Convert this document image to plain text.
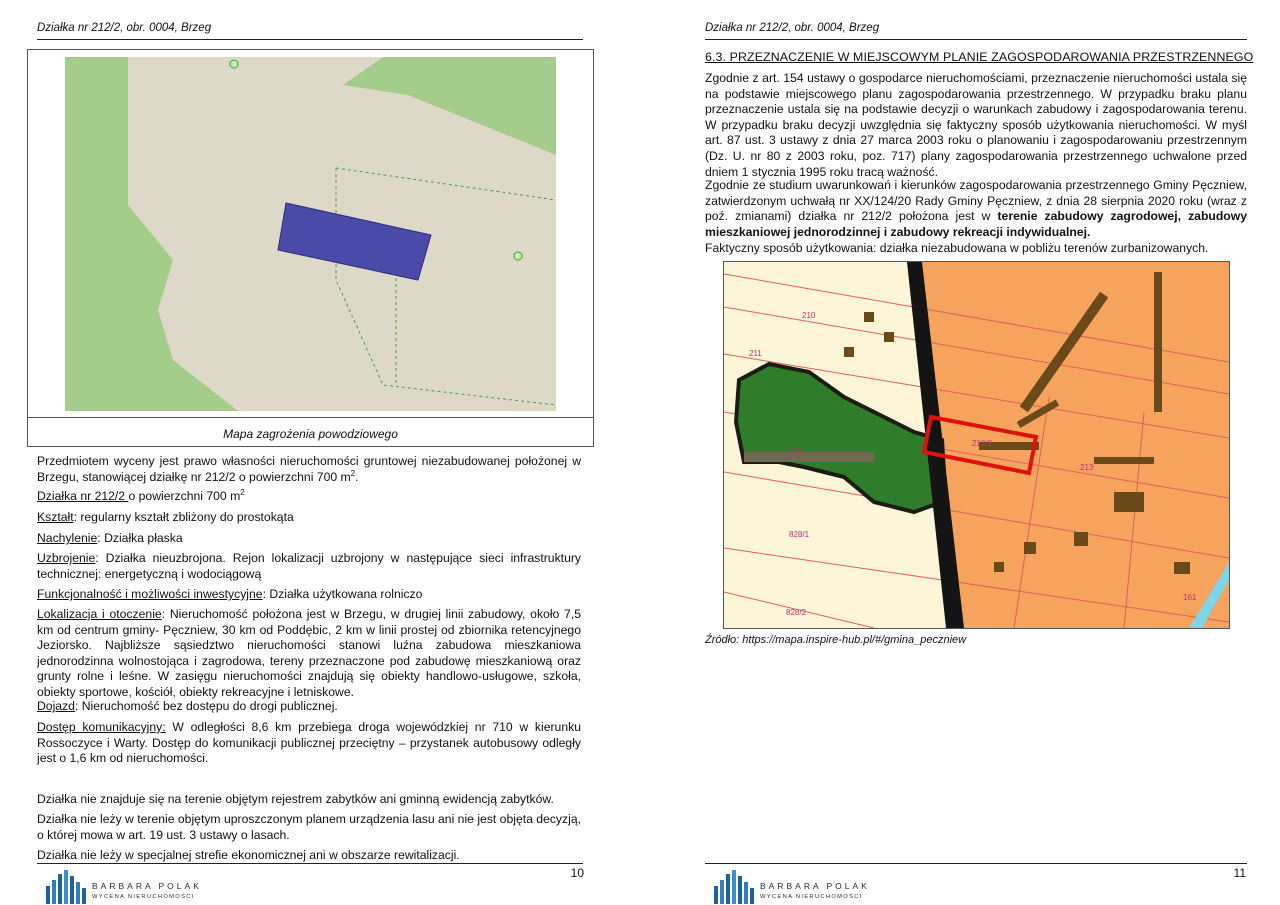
Działka nr 212/2, obr. 0004, Brzeg
Mapa zagrożenia powodziowego
Przedmiotem wyceny jest prawo własności nieruchomości gruntowej niezabudowanej położonej w Brzegu, stanowiącej działkę nr 212/2 o powierzchni 700 $m^2$.
Działka nr 212/2 o powierzchni 700 $m^2$
Kształt: regularny kształt zbliżony do prostokąta
Nachylenie: Działka płaska
Uzbrojenie: Działka nieuzbrojona. Rejon lokalizacji uzbrojony w następujące sieci infrastruktury technicznej: energetyczną i wodociągową
Funkcjonalność i możliwości inwestycyjne: Działka użytkowana rolniczo
Lokalizacja i otoczenie: Nieruchomość położona jest w Brzegu, w drugiej linii zabudowy, około 7,5 km od centrum gminy- Pęczniew, 30 km od Poddębic, 2 km w linii prostej od zbiornika retencyjnego Jeziorsko. Najbliższe sąsiedztwo nieruchomości stanowi luźna zabudowa mieszkaniowa jednorodzinna wolnostojąca i zagrodowa, tereny przeznaczone pod zabudowę mieszkaniową oraz grunty rolne i leśne. W zasięgu nieruchomości znajdują się obiekty handlowo-usługowe, szkoła, obiekty sportowe, kościół, obiekty rekreacyjne i letniskowe.
Dojazd: Nieruchomość bez dostępu do drogi publicznej.
Dostęp komunikacyjny: W odległości 8,6 km przebiega droga wojewódzkiej nr 710 w kierunku Rossoczyce i Warty. Dostęp do komunikacji publicznej przeciętny – przystanek autobusowy odległy jest o 1,6 km od nieruchomości.
Działka nie znajduje się na terenie objętym rejestrem zabytków ani gminną ewidencją zabytków.
Działka nie leży w terenie objętym uproszczonym planem urządzenia lasu ani nie jest objęta decyzją, o której mowa w art. 19 ust. 3 ustawy o lasach.
Działka nie leży w specjalnej strefie ekonomicznej ani w obszarze rewitalizacji.
10
BARBARA POLAK
WYCENA NIERUCHOMOŚCI
Działka nr 212/2, obr. 0004, Brzeg
6.3. PRZEZNACZENIE W MIEJSCOWYM PLANIE ZAGOSPODAROWANIA PRZESTRZENNEGO
Zgodnie z art. 154 ustawy o gospodarce nieruchomościami, przeznaczenie nieruchomości ustala się na podstawie miejscowego planu zagospodarowania przestrzennego. W przypadku braku planu przeznaczenie ustala się na podstawie decyzji o warunkach zabudowy i zagospodarowania terenu. W przypadku braku decyzji uwzględnia się faktyczny sposób użytkowania nieruchomości. W myśl art. 87 ust. 3 ustawy z dnia 27 marca 2003 roku o planowaniu i zagospodarowaniu przestrzennym (Dz. U. nr 80 z 2003 roku, poz. 717) plany zagospodarowania przestrzennego uchwalone przed dniem 1 stycznia 1995 roku tracą ważność.
Zgodnie ze studium uwarunkowań i kierunków zagospodarowania przestrzennego Gminy Pęczniew, zatwierdzonym uchwałą nr XX/124/20 Rady Gminy Pęczniew, z dnia 28 sierpnia 2020 roku (wraz z poź. zmianami) działka nr 212/2 położona jest w terenie zabudowy zagrodowej, zabudowy mieszkaniowej jednorodzinnej i zabudowy rekreacji indywidualnej.
Faktyczny sposób użytkowania: działka niezabudowana w pobliżu terenów zurbanizowanych.
210
211
214
212/2
828/1
213
828/2
161
Źródło: https://mapa.inspire-hub.pl/#/gmina_peczniew
11
BARBARA POLAK
WYCENA NIERUCHOMOŚCI
